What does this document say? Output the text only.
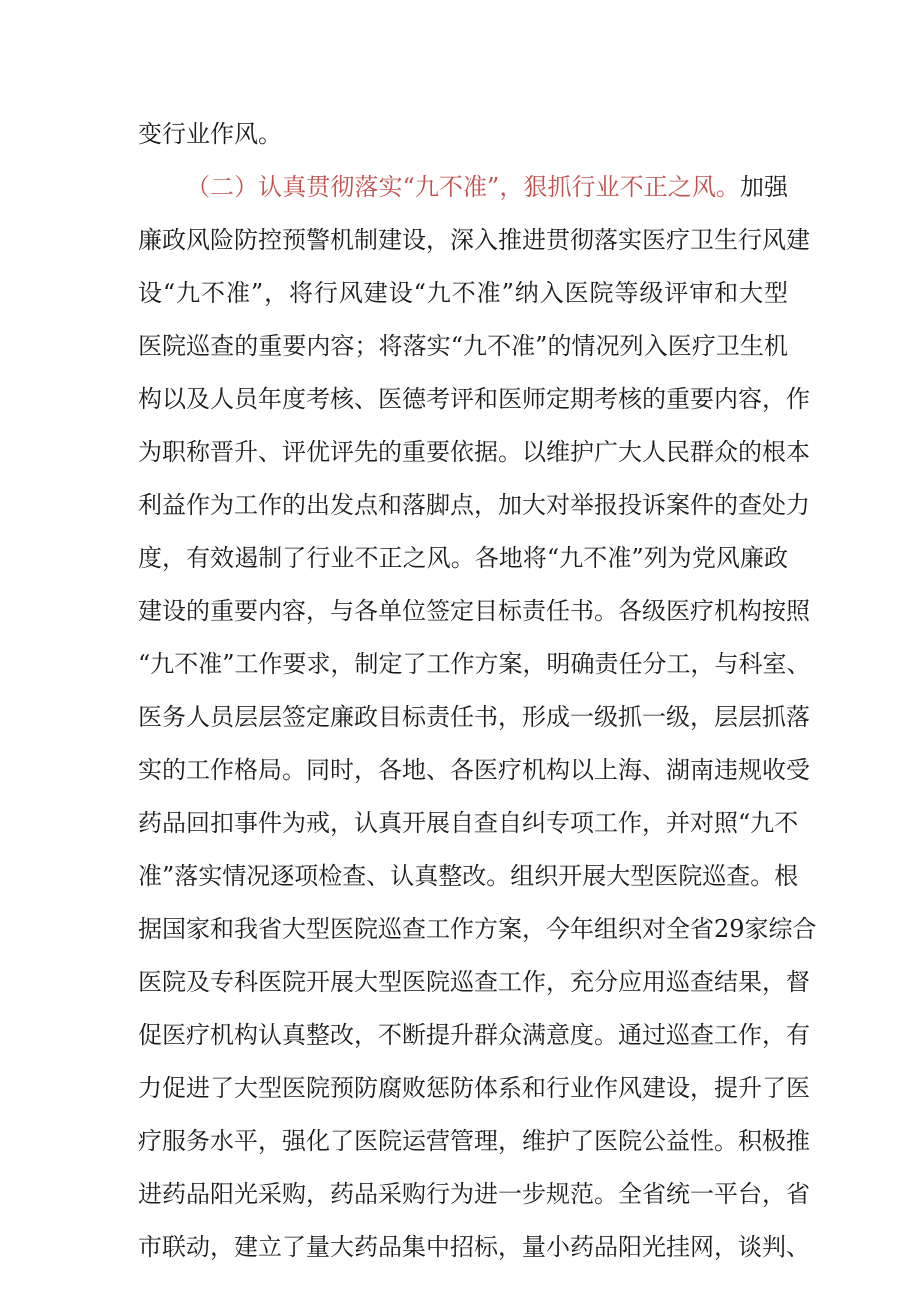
变行业作风。
（二）认真贯彻落实“九不准”，狠抓行业不正之风。加强
廉政风险防控预警机制建设，深入推进贯彻落实医疗卫生行风建
设“九不准”，将行风建设“九不准”纳入医院等级评审和大型
医院巡查的重要内容；将落实“九不准”的情况列入医疗卫生机
构以及人员年度考核、医德考评和医师定期考核的重要内容，作
为职称晋升、评优评先的重要依据。以维护广大人民群众的根本
利益作为工作的出发点和落脚点，加大对举报投诉案件的查处力
度，有效遏制了行业不正之风。各地将“九不准”列为党风廉政
建设的重要内容，与各单位签定目标责任书。各级医疗机构按照
“九不准”工作要求，制定了工作方案，明确责任分工，与科室、
医务人员层层签定廉政目标责任书，形成一级抓一级，层层抓落
实的工作格局。同时，各地、各医疗机构以上海、湖南违规收受
药品回扣事件为戒，认真开展自查自纠专项工作，并对照“九不
准”落实情况逐项检查、认真整改。组织开展大型医院巡查。根
据国家和我省大型医院巡查工作方案，今年组织对全省29家综合
医院及专科医院开展大型医院巡查工作，充分应用巡查结果，督
促医疗机构认真整改，不断提升群众满意度。通过巡查工作，有
力促进了大型医院预防腐败惩防体系和行业作风建设，提升了医
疗服务水平，强化了医院运营管理，维护了医院公益性。积极推
进药品阳光采购，药品采购行为进一步规范。全省统一平台，省
市联动，建立了量大药品集中招标，量小药品阳光挂网，谈判、
